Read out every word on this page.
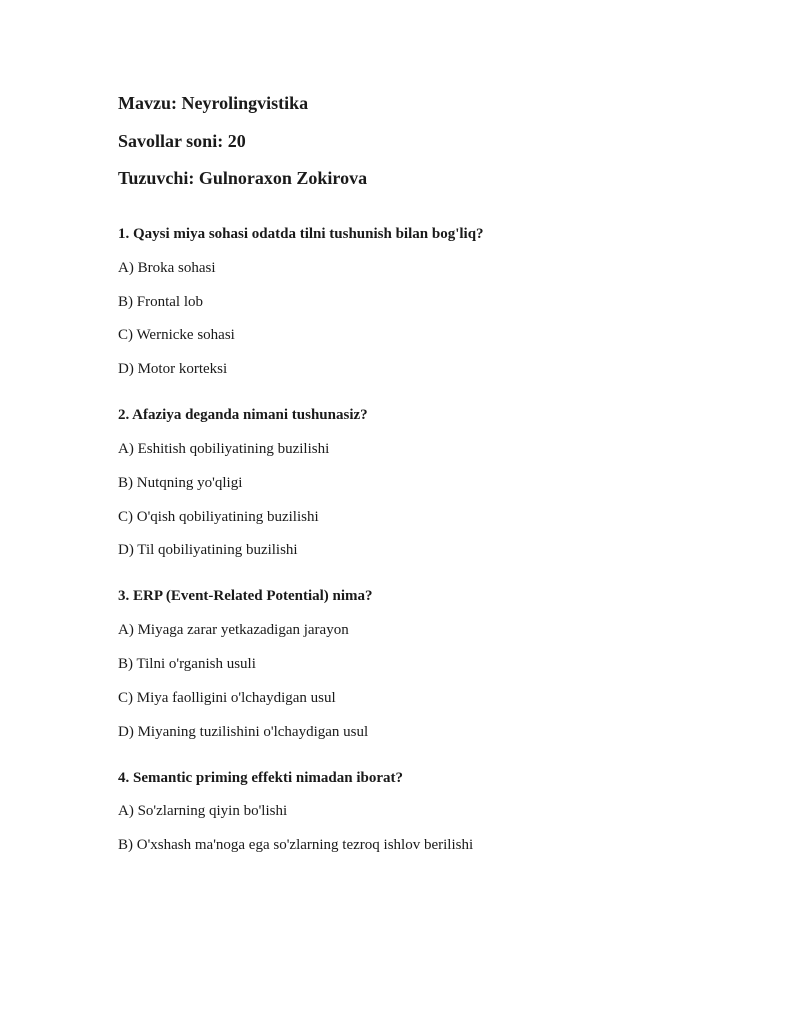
Mavzu: Neyrolingvistika
Savollar soni: 20
Tuzuvchi: Gulnoraxon Zokirova
1. Qaysi miya sohasi odatda tilni tushunish bilan bog'liq?
A) Broka sohasi
B) Frontal lob
C) Wernicke sohasi
D) Motor korteksi
2. Afaziya deganda nimani tushunasiz?
A) Eshitish qobiliyatining buzilishi
B) Nutqning yo'qligi
C) O'qish qobiliyatining buzilishi
D) Til qobiliyatining buzilishi
3. ERP (Event-Related Potential) nima?
A) Miyaga zarar yetkazadigan jarayon
B) Tilni o'rganish usuli
C) Miya faolligini o'lchaydigan usul
D) Miyaning tuzilishini o'lchaydigan usul
4. Semantic priming effekti nimadan iborat?
A) So'zlarning qiyin bo'lishi
B) O'xshash ma'noga ega so'zlarning tezroq ishlov berilishi
